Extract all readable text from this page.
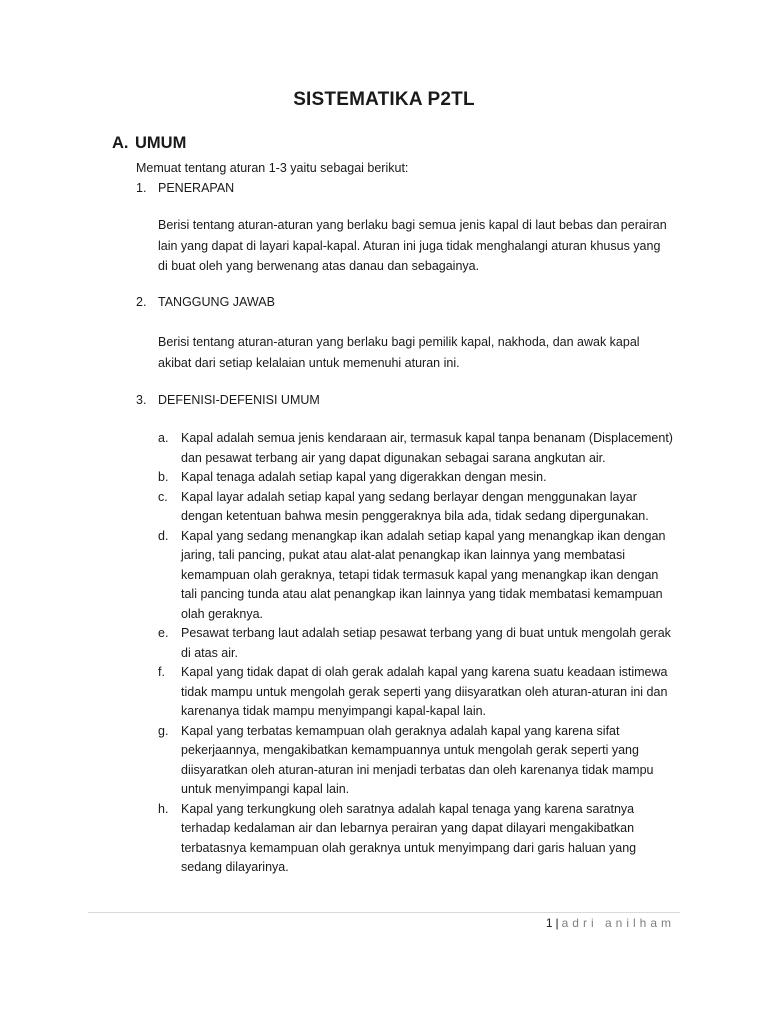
SISTEMATIKA P2TL
A. UMUM
Memuat tentang aturan 1-3 yaitu sebagai berikut:
1. PENERAPAN
Berisi tentang aturan-aturan yang berlaku bagi semua jenis kapal di laut bebas dan perairan
lain yang dapat di layari kapal-kapal. Aturan ini juga tidak menghalangi aturan khusus yang
di buat oleh yang berwenang atas danau dan sebagainya.
2. TANGGUNG JAWAB
Berisi tentang aturan-aturan yang berlaku bagi pemilik kapal, nakhoda, dan awak kapal
akibat dari setiap kelalaian untuk memenuhi aturan ini.
3. DEFENISI-DEFENISI UMUM
a. Kapal adalah semua jenis kendaraan air, termasuk kapal tanpa benanam (Displacement)
dan pesawat terbang air yang dapat digunakan sebagai sarana angkutan air.
b. Kapal tenaga adalah setiap kapal yang digerakkan dengan mesin.
c. Kapal layar adalah setiap kapal yang sedang berlayar dengan menggunakan layar
dengan ketentuan bahwa mesin penggeraknya bila ada, tidak sedang dipergunakan.
d. Kapal yang sedang menangkap ikan adalah setiap kapal yang menangkap ikan dengan
jaring, tali pancing, pukat atau alat-alat penangkap ikan lainnya yang membatasi
kemampuan olah geraknya, tetapi tidak termasuk kapal yang menangkap ikan dengan
tali pancing tunda atau alat penangkap ikan lainnya yang tidak membatasi kemampuan
olah geraknya.
e. Pesawat terbang laut adalah setiap pesawat terbang yang di buat untuk mengolah gerak
di atas air.
f. Kapal yang tidak dapat di olah gerak adalah kapal yang karena suatu keadaan istimewa
tidak mampu untuk mengolah gerak seperti yang diisyaratkan oleh aturan-aturan ini dan
karenanya tidak mampu menyimpangi kapal-kapal lain.
g. Kapal yang terbatas kemampuan olah geraknya adalah kapal yang karena sifat
pekerjaannya, mengakibatkan kemampuannya untuk mengolah gerak seperti yang
diisyaratkan oleh aturan-aturan ini menjadi terbatas dan oleh karenanya tidak mampu
untuk menyimpangi kapal lain.
h. Kapal yang terkungkung oleh saratnya adalah kapal tenaga yang karena saratnya
terhadap kedalaman air dan lebarnya perairan yang dapat dilayari mengakibatkan
terbatasnya kemampuan olah geraknya untuk menyimpang dari garis haluan yang
sedang dilayarinya.
1 | adri anilham
